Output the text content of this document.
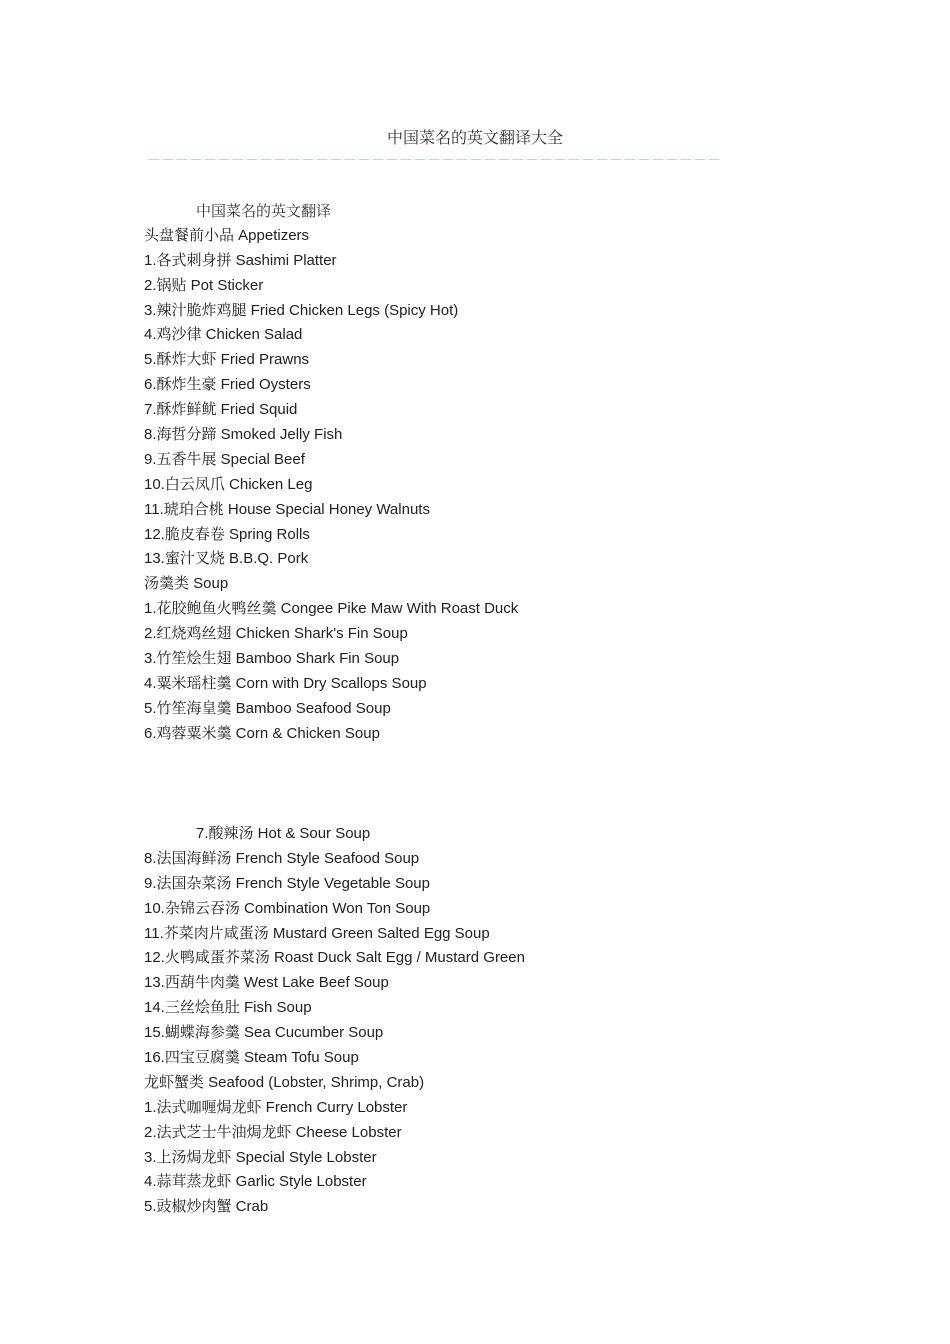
中国菜名的英文翻译大全
－－－－－－－－－－－－－－－－－－－－－－－－－－－－－－－－－－－－－－－－－
　　中国菜名的英文翻译
头盘餐前小品 Appetizers
1.各式刺身拼 Sashimi Platter
2.锅贴 Pot Sticker
3.辣汁脆炸鸡腿 Fried Chicken Legs (Spicy Hot)
4.鸡沙律 Chicken Salad
5.酥炸大虾 Fried Prawns
6.酥炸生豪 Fried Oysters
7.酥炸鲜鱿 Fried Squid
8.海哲分蹄 Smoked Jelly Fish
9.五香牛展 Special Beef
10.白云凤爪 Chicken Leg
11.琥珀合桃 House Special Honey Walnuts
12.脆皮春卷 Spring Rolls
13.蜜汁叉烧 B.B.Q. Pork
汤羹类 Soup
1.花胶鲍鱼火鸭丝羹 Congee Pike Maw With Roast Duck
2.红烧鸡丝翅 Chicken Shark's Fin Soup
3.竹笙烩生翅 Bamboo Shark Fin Soup
4.粟米瑶柱羹 Corn with Dry Scallops Soup
5.竹笙海皇羹 Bamboo Seafood Soup
6.鸡蓉粟米羹 Corn & Chicken Soup
　　7.酸辣汤 Hot & Sour Soup
8.法国海鲜汤 French Style Seafood Soup
9.法国杂菜汤 French Style Vegetable Soup
10.杂锦云吞汤 Combination Won Ton Soup
11.芥菜肉片咸蛋汤 Mustard Green Salted Egg Soup
12.火鸭咸蛋芥菜汤 Roast Duck Salt Egg / Mustard Green
13.西葫牛肉羹 West Lake Beef Soup
14.三丝烩鱼肚 Fish Soup
15.蝴蝶海参羹 Sea Cucumber Soup
16.四宝豆腐羹 Steam Tofu Soup
龙虾蟹类 Seafood (Lobster, Shrimp, Crab)
1.法式咖喱焗龙虾 French Curry Lobster
2.法式芝士牛油焗龙虾 Cheese Lobster
3.上汤焗龙虾 Special Style Lobster
4.蒜茸蒸龙虾 Garlic Style Lobster
5.豉椒炒肉蟹 Crab
